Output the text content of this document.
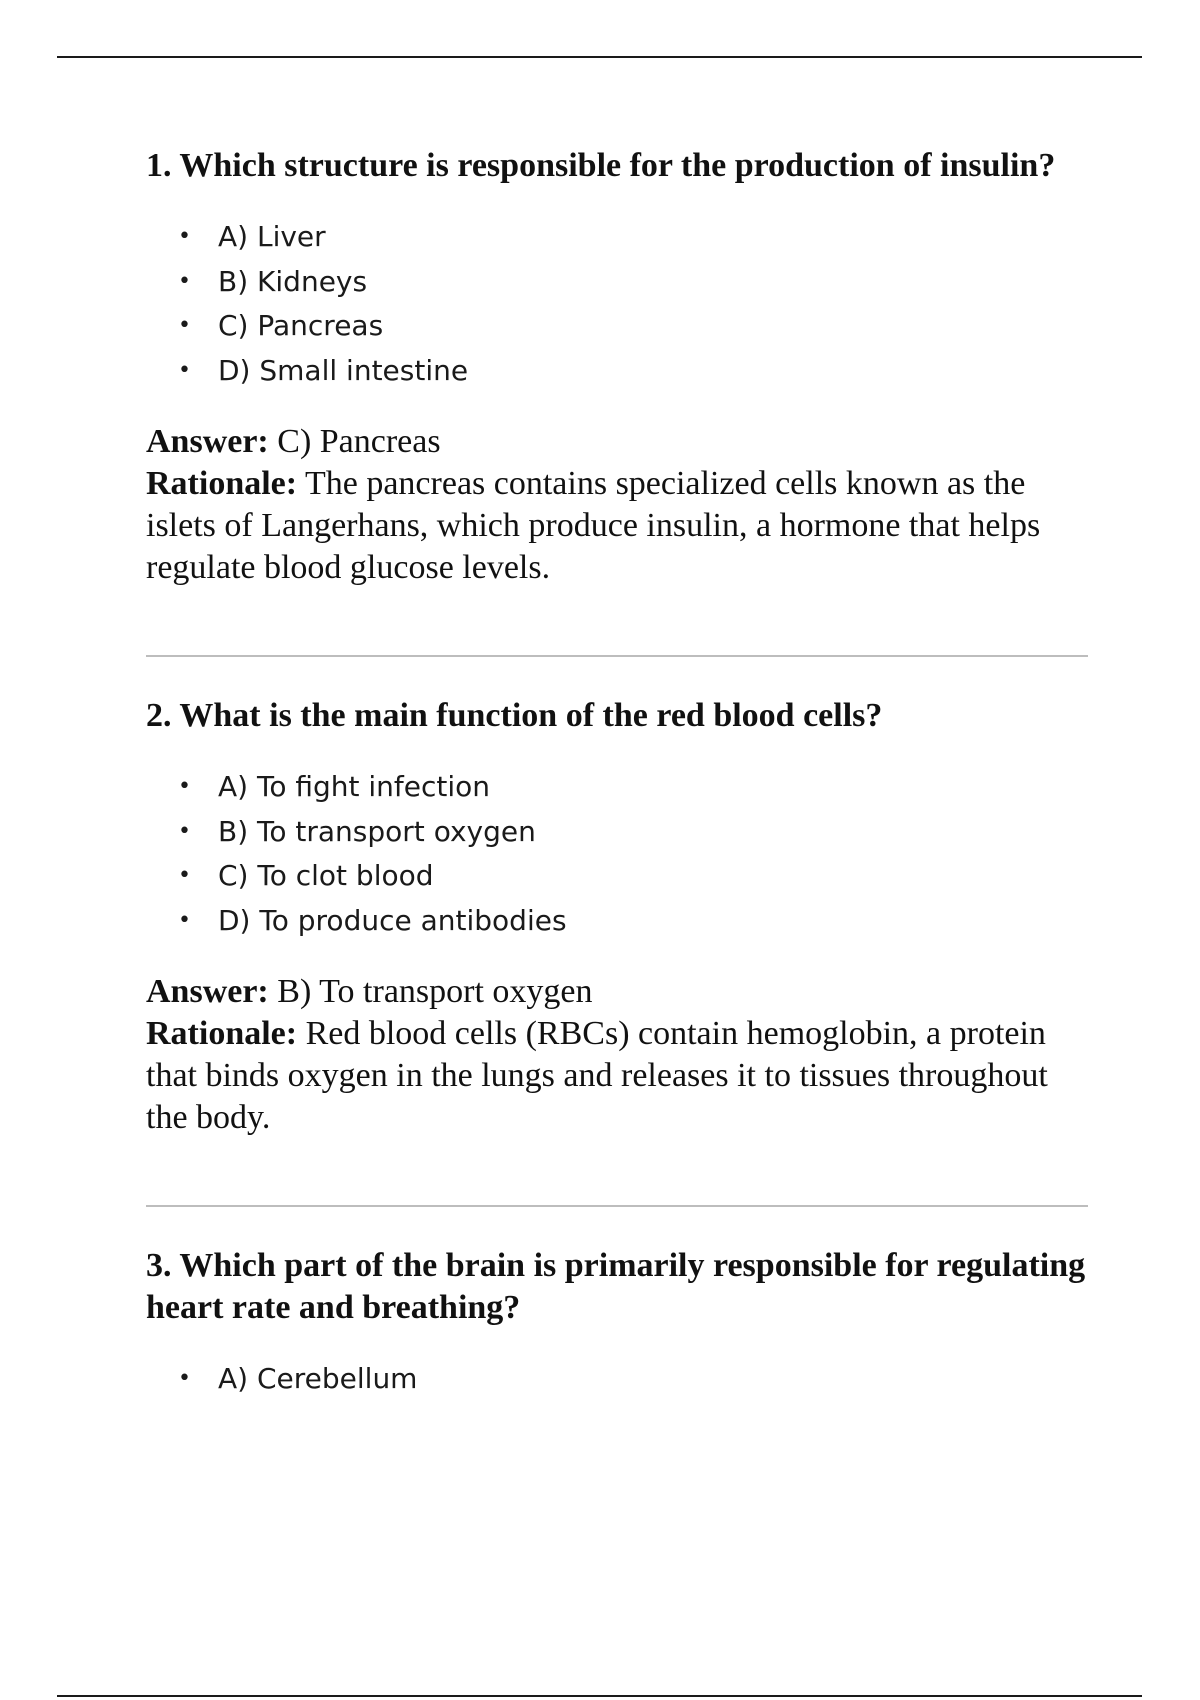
1. Which structure is responsible for the production of insulin?
• A) Liver
• B) Kidneys
• C) Pancreas
• D) Small intestine

Answer: C) Pancreas

Rationale: The pancreas contains specialized cells known as the islets of Langerhans, which produce insulin, a hormone that helps regulate blood glucose levels.

2. What is the main function of the red blood cells?
• A) To fight infection
• B) To transport oxygen
• C) To clot blood
• D) To produce antibodies

Answer: B) To transport oxygen

Rationale: Red blood cells (RBCs) contain hemoglobin, a protein that binds oxygen in the lungs and releases it to tissues throughout the body.

3. Which part of the brain is primarily responsible for regulating heart rate and breathing?
• A) Cerebellum
